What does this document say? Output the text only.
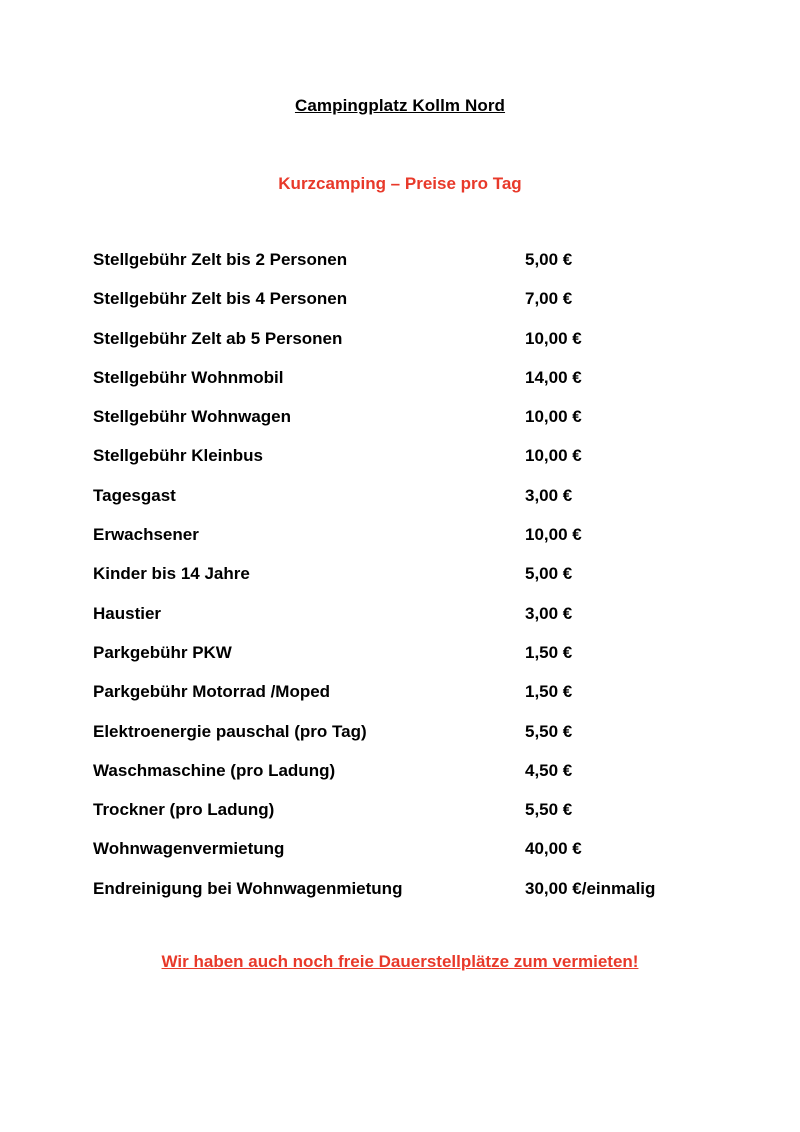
Campingplatz Kollm Nord
Kurzcamping – Preise pro Tag
Stellgebühr Zelt bis 2 Personen	5,00 €
Stellgebühr Zelt bis 4 Personen	7,00 €
Stellgebühr Zelt ab 5 Personen	10,00 €
Stellgebühr Wohnmobil	14,00 €
Stellgebühr Wohnwagen	10,00 €
Stellgebühr Kleinbus	10,00 €
Tagesgast	3,00 €
Erwachsener	10,00 €
Kinder bis 14 Jahre	5,00 €
Haustier	3,00 €
Parkgebühr PKW	1,50 €
Parkgebühr Motorrad /Moped	1,50 €
Elektroenergie pauschal (pro Tag)	5,50 €
Waschmaschine (pro Ladung)	4,50 €
Trockner (pro Ladung)	5,50 €
Wohnwagenvermietung	40,00 €
Endreinigung bei Wohnwagenmietung	30,00 €/einmalig
Wir haben auch noch freie Dauerstellplätze zum vermieten!
